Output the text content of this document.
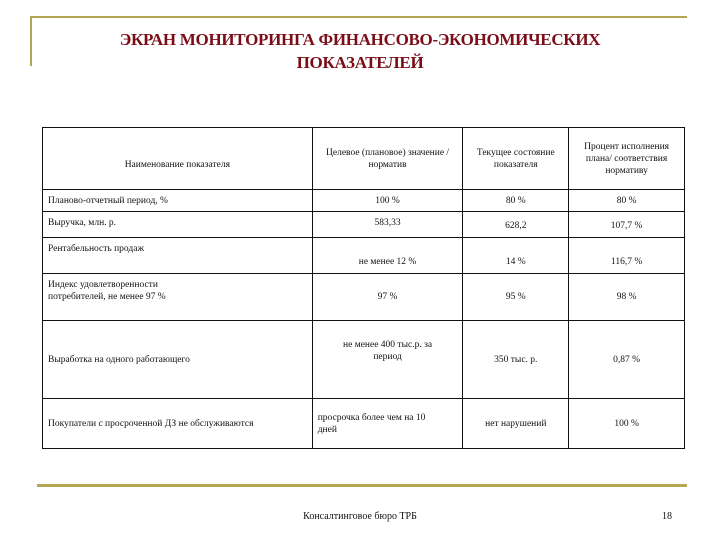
ЭКРАН МОНИТОРИНГА ФИНАНСОВО-ЭКОНОМИЧЕСКИХ
ПОКАЗАТЕЛЕЙ
Наименование показателя	Целевое (плановое) значение / норматив	Текущее состояние показателя	Процент исполнения плана/ соответствия нормативу
Планово-отчетный период, %	100 %	80 %	80 %
Выручка, млн. р.	583,33	628,2	107,7 %
Рентабельность продаж	не менее 12 %	14 %	116,7 %
Индекс удовлетворенности потребителей, не менее 97 %	97 %	95 %	98 %
Выработка на одного работающего	не менее 400 тыс.р. за период	350 тыс. р.	0,87 %
Покупатели с просроченной ДЗ не обслуживаются	просрочка более чем на 10 дней	нет нарушений	100 %
Консалтинговое бюро ТРБ	18
